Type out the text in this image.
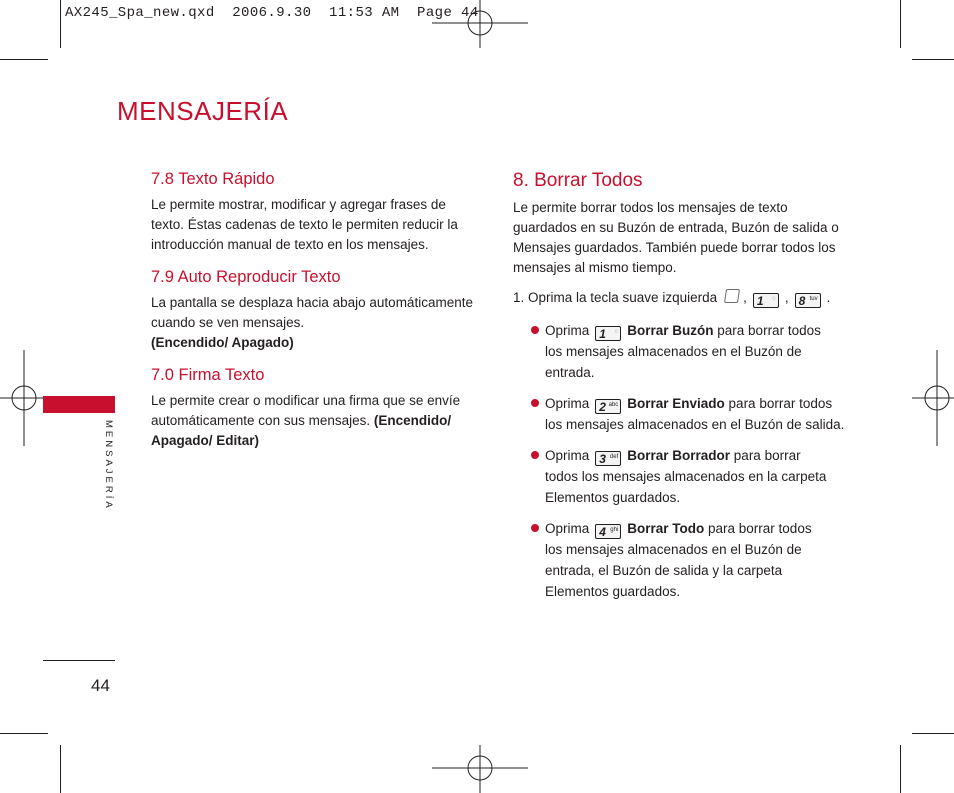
AX245_Spa_new.qxd  2006.9.30  11:53 AM  Page 44
MENSAJERÍA
MENSAJERÍA
44
7.8 Texto Rápido
Le permite mostrar, modificar y agregar frases de
texto. Éstas cadenas de texto le permiten reducir la
introducción manual de texto en los mensajes.
7.9 Auto Reproducir Texto
La pantalla se desplaza hacia abajo automáticamente
cuando se ven mensajes.
(Encendido/ Apagado)
7.0 Firma Texto
Le permite crear o modificar una firma que se envíe
automáticamente con sus mensajes. (Encendido/
Apagado/ Editar)
8. Borrar Todos
Le permite borrar todos los mensajes de texto
guardados en su Buzón de entrada, Buzón de salida o
Mensajes guardados. También puede borrar todos los
mensajes al mismo tiempo.
1. Oprima la tecla suave izquierda , 1	◌ , 8 tuv .
Oprima 1	◌ Borrar Buzón para borrar todos
los mensajes almacenados en el Buzón de
entrada.
Oprima 2 abc Borrar Enviado para borrar todos
los mensajes almacenados en el Buzón de salida.
Oprima 3 def Borrar Borrador para borrar
todos los mensajes almacenados en la carpeta
Elementos guardados.
Oprima 4 ghi Borrar Todo para borrar todos
los mensajes almacenados en el Buzón de
entrada, el Buzón de salida y la carpeta
Elementos guardados.
